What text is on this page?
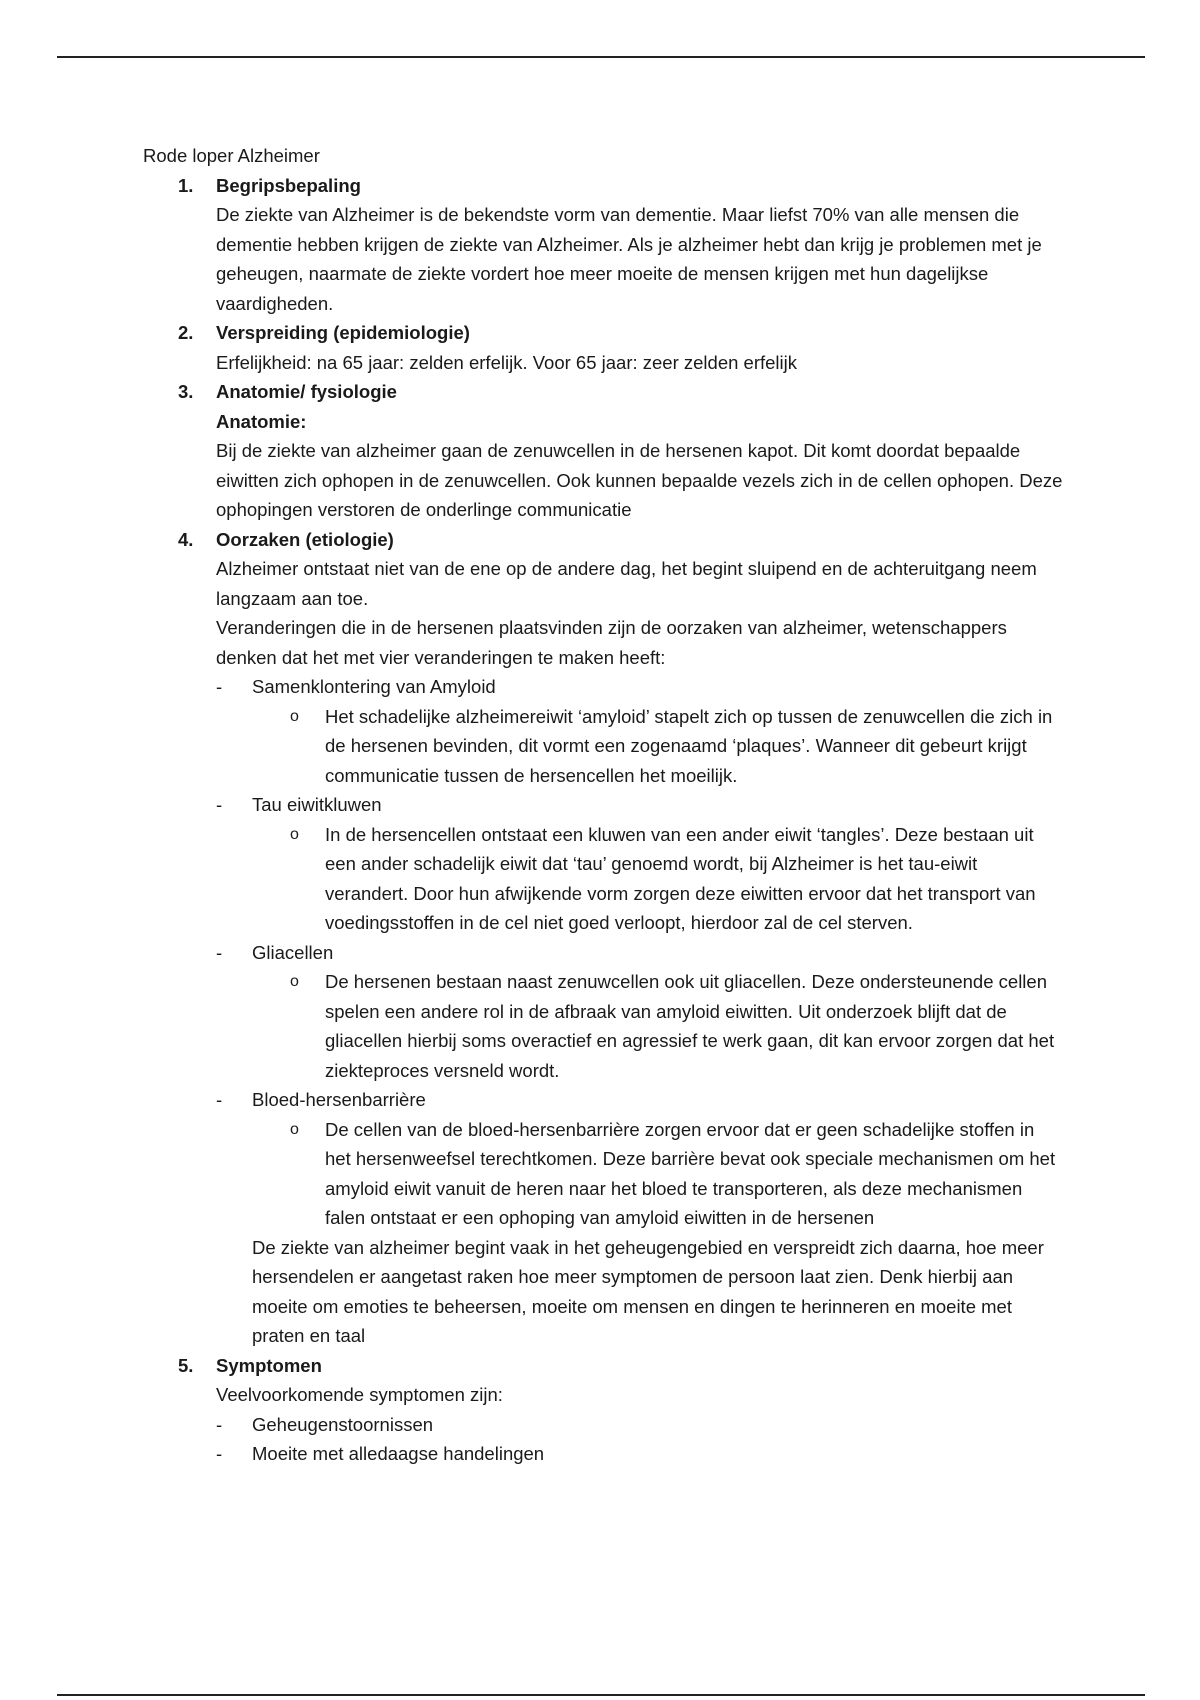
Rode loper Alzheimer

1. Begripsbepaling

De ziekte van Alzheimer is de bekendste vorm van dementie. Maar liefst 70% van alle mensen die dementie hebben krijgen de ziekte van Alzheimer. Als je alzheimer hebt dan krijg je problemen met je geheugen, naarmate de ziekte vordert hoe meer moeite de mensen krijgen met hun dagelijkse vaardigheden.

2. Verspreiding (epidemiologie)

Erfelijkheid: na 65 jaar: zelden erfelijk. Voor 65 jaar: zeer zelden erfelijk

3. Anatomie/ fysiologie
Anatomie:

Bij de ziekte van alzheimer gaan de zenuwcellen in de hersenen kapot. Dit komt doordat bepaalde eiwitten zich ophopen in de zenuwcellen. Ook kunnen bepaalde vezels zich in de cellen ophopen. Deze ophopingen verstoren de onderlinge communicatie

4. Oorzaken (etiologie)

Alzheimer ontstaat niet van de ene op de andere dag, het begint sluipend en de achteruitgang neem langzaam aan toe.

Veranderingen die in de hersenen plaatsvinden zijn de oorzaken van alzheimer, wetenschappers denken dat het met vier veranderingen te maken heeft:

- Samenklontering van Amyloid
o Het schadelijke alzheimereiwit ‘amyloid’ stapelt zich op tussen de zenuwcellen die zich in de hersenen bevinden, dit vormt een zogenaamd ‘plaques’. Wanneer dit gebeurt krijgt communicatie tussen de hersencellen het moeilijk.
- Tau eiwitkluwen
o In de hersencellen ontstaat een kluwen van een ander eiwit ‘tangles’. Deze bestaan uit een ander schadelijk eiwit dat ‘tau’ genoemd wordt, bij Alzheimer is het tau-eiwit verandert. Door hun afwijkende vorm zorgen deze eiwitten ervoor dat het transport van voedingsstoffen in de cel niet goed verloopt, hierdoor zal de cel sterven.
- Gliacellen
o De hersenen bestaan naast zenuwcellen ook uit gliacellen. Deze ondersteunende cellen spelen een andere rol in de afbraak van amyloid eiwitten. Uit onderzoek blijft dat de gliacellen hierbij soms overactief en agressief te werk gaan, dit kan ervoor zorgen dat het ziekteproces versneld wordt.
- Bloed-hersenbarrière
o De cellen van de bloed-hersenbarrière zorgen ervoor dat er geen schadelijke stoffen in het hersenweefsel terechtkomen. Deze barrière bevat ook speciale mechanismen om het amyloid eiwit vanuit de heren naar het bloed te transporteren, als deze mechanismen falen ontstaat er een ophoping van amyloid eiwitten in de hersenen

De ziekte van alzheimer begint vaak in het geheugengebied en verspreidt zich daarna, hoe meer hersendelen er aangetast raken hoe meer symptomen de persoon laat zien. Denk hierbij aan moeite om emoties te beheersen, moeite om mensen en dingen te herinneren en moeite met praten en taal

5. Symptomen

Veelvoorkomende symptomen zijn:

- Geheugenstoornissen
- Moeite met alledaagse handelingen
